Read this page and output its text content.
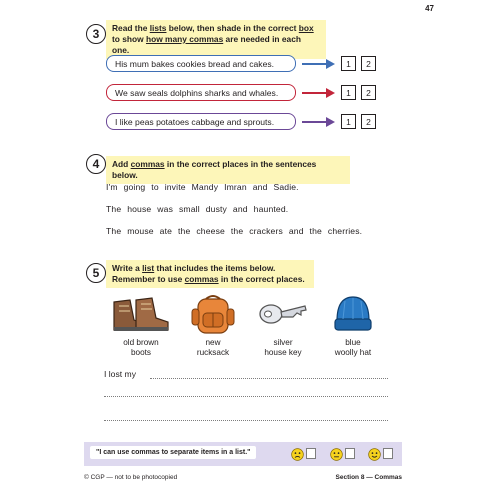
47
3	Read the lists below, then shade in the correct box
to show how many commas are needed in each one.
His mum bakes cookies bread and cakes.	1	2
We saw seals dolphins sharks and whales.	1	2
I like peas potatoes cabbage and sprouts.	1	2
4	Add commas in the correct places in the sentences below.
I'm going to invite Mandy Imran and Sadie.
The house was small dusty and haunted.
The mouse ate the cheese the crackers and the cherries.
5	Write a list that includes the items below.
Remember to use commas in the correct places.
old brown
boots
new
rucksack
silver
house key
blue
woolly hat
I lost my
"I can use commas to separate items in a list."
© CGP — not to be photocopied	Section 8 — Commas
